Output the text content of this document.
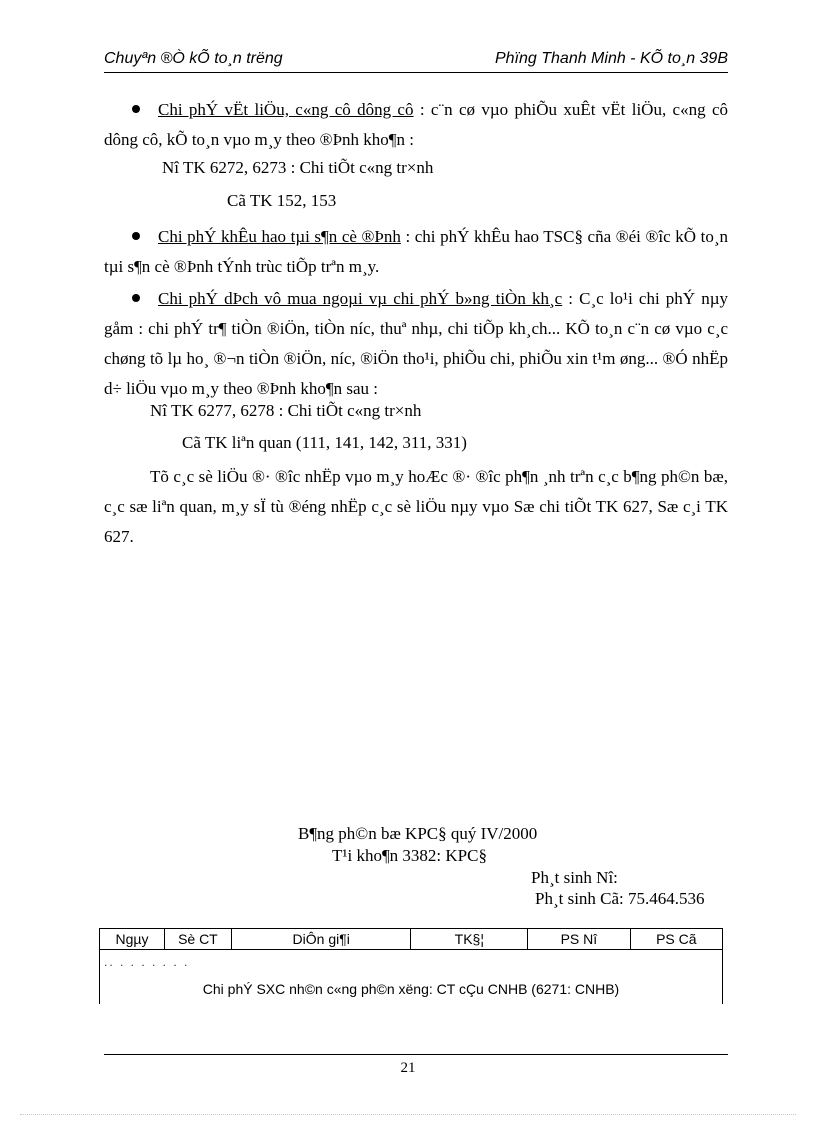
Chuyªn ®Ò kÕ to¸n trëng	Phïng Thanh Minh - KÕ to¸n 39B
Chi phÝ vËt liÖu, c«ng cô dông cô : c¨n cø vµo phiÕu xuÊt vËt liÖu, c«ng cô dông cô, kÕ to¸n vµo m¸y theo ®Þnh kho¶n :
Nî TK 6272, 6273 : Chi tiÕt c«ng tr×nh
Cã TK 152, 153
Chi phÝ khÊu hao tµi s¶n cè ®Þnh : chi phÝ khÊu hao TSC§ cña ®éi ®îc kÕ to¸n tµi s¶n cè ®Þnh tÝnh trùc tiÕp trªn m¸y.
Chi phÝ dÞch vô mua ngoµi vµ chi phÝ b»ng tiÒn kh¸c : C¸c lo¹i chi phÝ nµy gåm : chi phÝ tr¶ tiÒn ®iÖn, tiÒn níc, thuª nhµ, chi tiÕp kh¸ch... KÕ to¸n c¨n cø vµo c¸c chøng tõ lµ ho¸ ®¬n tiÒn ®iÖn, níc, ®iÖn tho¹i, phiÕu chi, phiÕu xin t¹m øng... ®Ó nhËp d÷ liÖu vµo m¸y theo ®Þnh kho¶n sau :
Nî TK 6277, 6278 : Chi tiÕt c«ng tr×nh
Cã TK liªn quan (111, 141, 142, 311, 331)
Tõ c¸c sè liÖu ®· ®îc nhËp vµo m¸y hoÆc ®· ®îc ph¶n ¸nh trªn c¸c b¶ng ph©n bæ, c¸c sæ liªn quan, m¸y sÏ tù ®éng nhËp c¸c sè liÖu nµy vµo Sæ chi tiÕt TK 627, Sæ c¸i TK 627.
B¶ng ph©n bæ KPC§ quý IV/2000
T¹i kho¶n 3382: KPC§
Ph¸t sinh Nî:
Ph¸t sinh Cã: 75.464.536
Ngµy	Sè CT	DiÔn gi¶i	TK§¦	PS Nî	PS Cã
.. . . . . . . .
Chi phÝ SXC nh©n c«ng ph©n xëng: CT cÇu CNHB (6271: CNHB)
21
